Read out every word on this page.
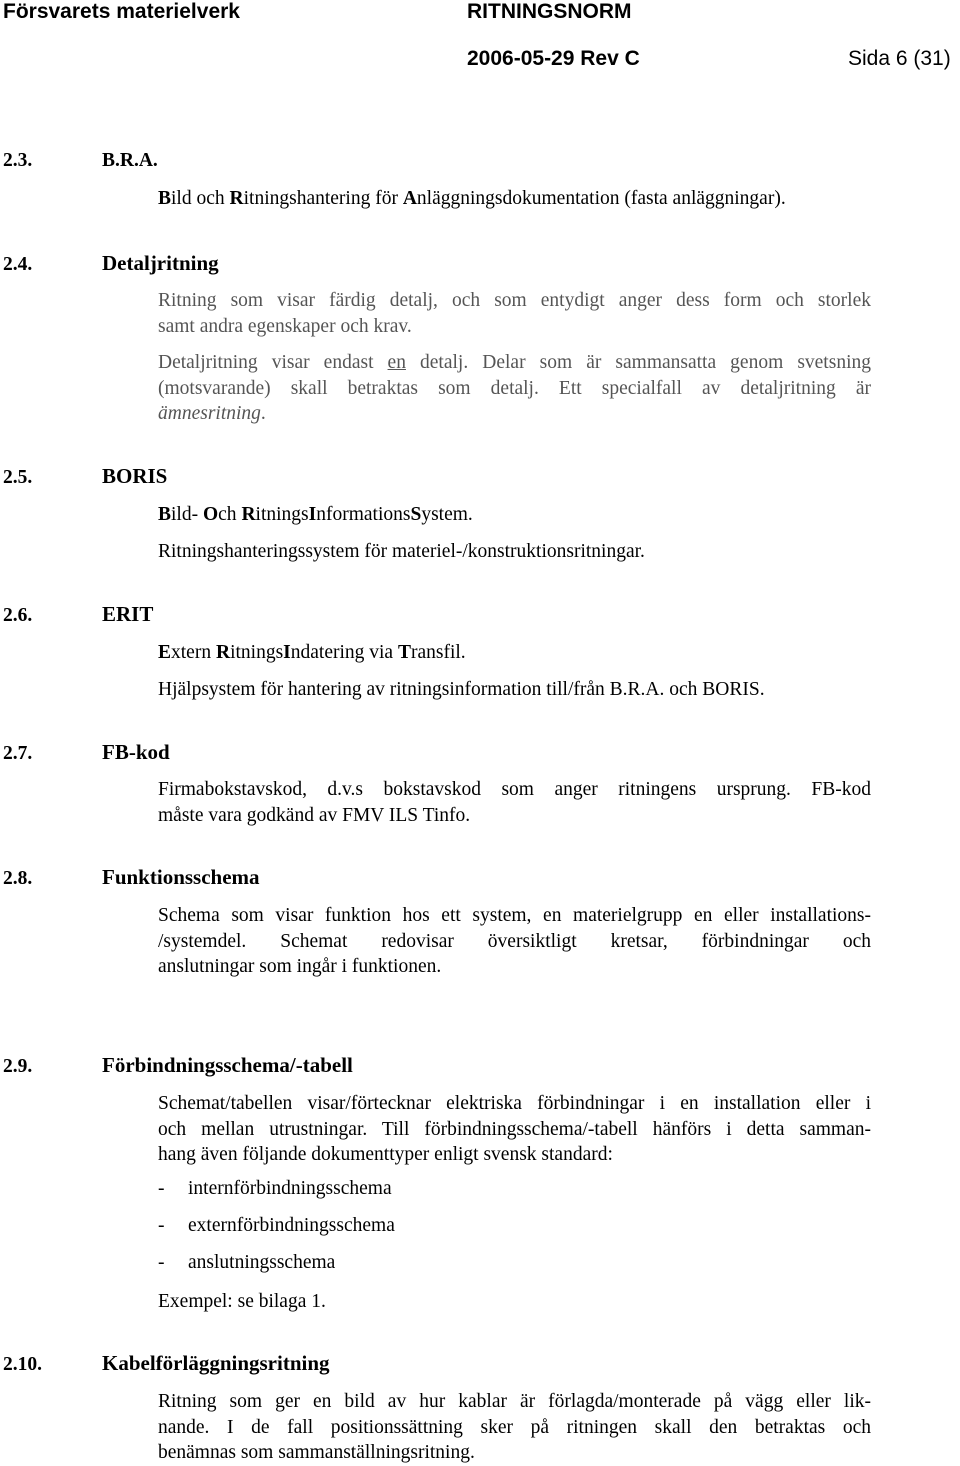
Försvarets materielverk	RITNINGSNORM
2006-05-29 Rev C	Sida 6 (31)
2.3.	B.R.A.
Bild och Ritningshantering för Anläggningsdokumentation (fasta anläggningar).
2.4.	Detaljritning
Ritning som visar färdig detalj, och som entydigt anger dess form och storlek
samt andra egenskaper och krav.
Detaljritning visar endast en detalj. Delar som är sammansatta genom svetsning
(motsvarande) skall betraktas som detalj. Ett specialfall av detaljritning är
ämnesritning.
2.5.	BORIS
Bild- Och RitningsInformationsSystem.
Ritningshanteringssystem för materiel-/konstruktionsritningar.
2.6.	ERIT
Extern RitningsIndatering via Transfil.
Hjälpsystem för hantering av ritningsinformation till/från B.R.A. och BORIS.
2.7.	FB-kod
Firmabokstavskod, d.v.s bokstavskod som anger ritningens ursprung. FB-kod
måste vara godkänd av FMV ILS Tinfo.
2.8.	Funktionsschema
Schema som visar funktion hos ett system, en materielgrupp en eller installations-
/systemdel. Schemat redovisar översiktligt kretsar, förbindningar och
anslutningar som ingår i funktionen.
2.9.	Förbindningsschema/-tabell
Schemat/tabellen visar/förtecknar elektriska förbindningar i en installation eller i
och mellan utrustningar. Till förbindningsschema/-tabell hänförs i detta samman-
hang även följande dokumenttyper enligt svensk standard:
- internförbindningsschema
- externförbindningsschema
- anslutningsschema
Exempel: se bilaga 1.
2.10.	Kabelförläggningsritning
Ritning som ger en bild av hur kablar är förlagda/monterade på vägg eller lik-
nande. I de fall positionssättning sker på ritningen skall den betraktas och
benämnas som sammanställningsritning.
